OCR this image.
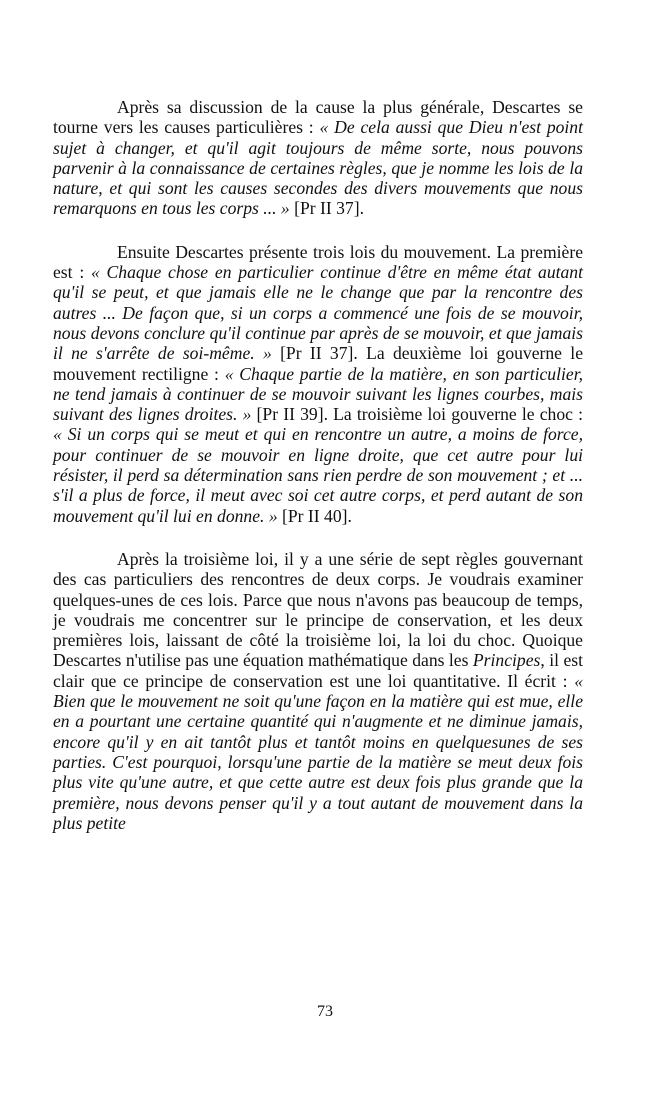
Après sa discussion de la cause la plus générale, Descartes se tourne vers les causes particulières : « De cela aussi que Dieu n'est point sujet à changer, et qu'il agit toujours de même sorte, nous pouvons parvenir à la connaissance de certaines règles, que je nomme les lois de la nature, et qui sont les causes secondes des divers mouvements que nous remarquons en tous les corps ... » [Pr II 37].

Ensuite Descartes présente trois lois du mouvement. La première est : « Chaque chose en particulier continue d'être en même état autant qu'il se peut, et que jamais elle ne le change que par la rencontre des autres ... De façon que, si un corps a commencé une fois de se mouvoir, nous devons conclure qu'il continue par après de se mouvoir, et que jamais il ne s'arrête de soi-même. » [Pr II 37]. La deuxième loi gouverne le mouvement rectiligne : « Chaque partie de la matière, en son particulier, ne tend jamais à continuer de se mouvoir suivant les lignes courbes, mais suivant des lignes droites. » [Pr II 39]. La troisième loi gouverne le choc : « Si un corps qui se meut et qui en rencontre un autre, a moins de force, pour continuer de se mouvoir en ligne droite, que cet autre pour lui résister, il perd sa détermination sans rien perdre de son mouvement ; et ... s'il a plus de force, il meut avec soi cet autre corps, et perd autant de son mouvement qu'il lui en donne. » [Pr II 40].

Après la troisième loi, il y a une série de sept règles gouvernant des cas particuliers des rencontres de deux corps. Je voudrais examiner quelques-unes de ces lois. Parce que nous n'avons pas beaucoup de temps, je voudrais me concentrer sur le principe de conservation, et les deux premières lois, laissant de côté la troisième loi, la loi du choc. Quoique Descartes n'utilise pas une équation mathématique dans les Principes, il est clair que ce principe de conservation est une loi quantitative. Il écrit : « Bien que le mouvement ne soit qu'une façon en la matière qui est mue, elle en a pourtant une certaine quantité qui n'augmente et ne diminue jamais, encore qu'il y en ait tantôt plus et tantôt moins en quelquesunes de ses parties. C'est pourquoi, lorsqu'une partie de la matière se meut deux fois plus vite qu'une autre, et que cette autre est deux fois plus grande que la première, nous devons penser qu'il y a tout autant de mouvement dans la plus petite

73
